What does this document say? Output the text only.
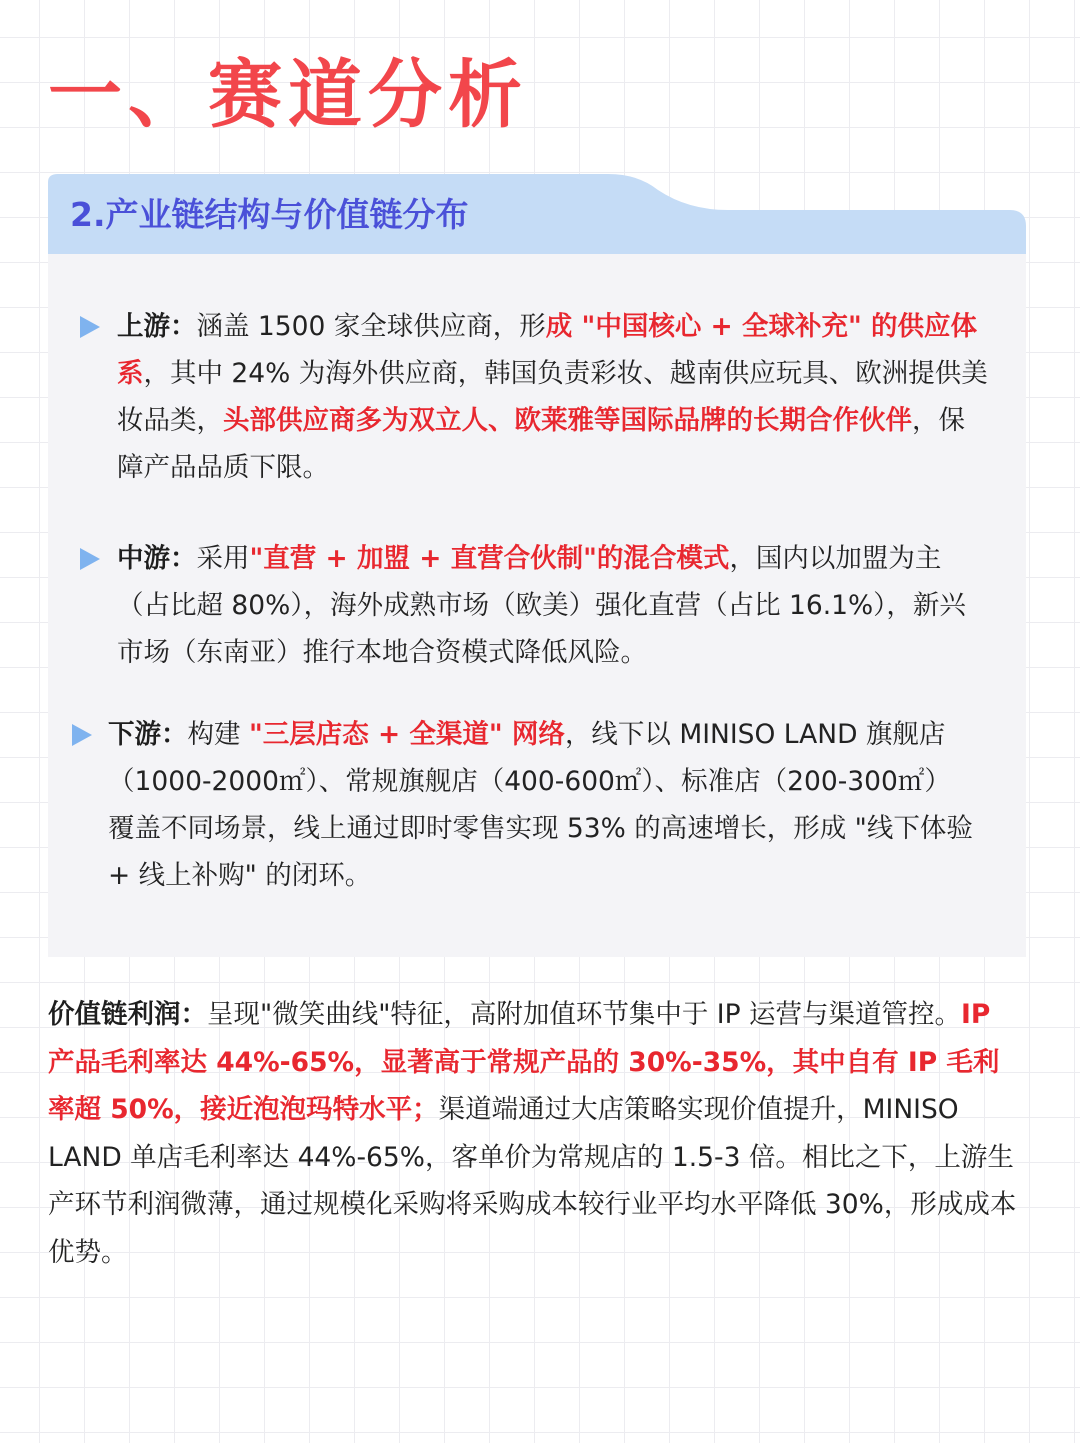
一、赛道分析
2.产业链结构与价值链分布

上游：涵盖 1500 家全球供应商，形成 "中国核心 + 全球补充" 的供应体系，其中 24% 为海外供应商，韩国负责彩妆、越南供应玩具、欧洲提供美妆品类，头部供应商多为双立人、欧莱雅等国际品牌的长期合作伙伴，保障产品品质下限。

中游：采用"直营 + 加盟 + 直营合伙制"的混合模式，国内以加盟为主（占比超 80%），海外成熟市场（欧美）强化直营（占比 16.1%），新兴市场（东南亚）推行本地合资模式降低风险。

下游：构建 "三层店态 + 全渠道" 网络，线下以 MINISO LAND 旗舰店（1000-2000㎡）、常规旗舰店（400-600㎡）、标准店（200-300㎡）覆盖不同场景，线上通过即时零售实现 53% 的高速增长，形成 "线下体验 + 线上补购" 的闭环。

价值链利润：呈现"微笑曲线"特征，高附加值环节集中于 IP 运营与渠道管控。IP 产品毛利率达 44%-65%，显著高于常规产品的 30%-35%，其中自有 IP 毛利率超 50%，接近泡泡玛特水平；渠道端通过大店策略实现价值提升，MINISO LAND 单店毛利率达 44%-65%，客单价为常规店的 1.5-3 倍。相比之下，上游生产环节利润微薄，通过规模化采购将采购成本较行业平均水平降低 30%，形成成本优势。
